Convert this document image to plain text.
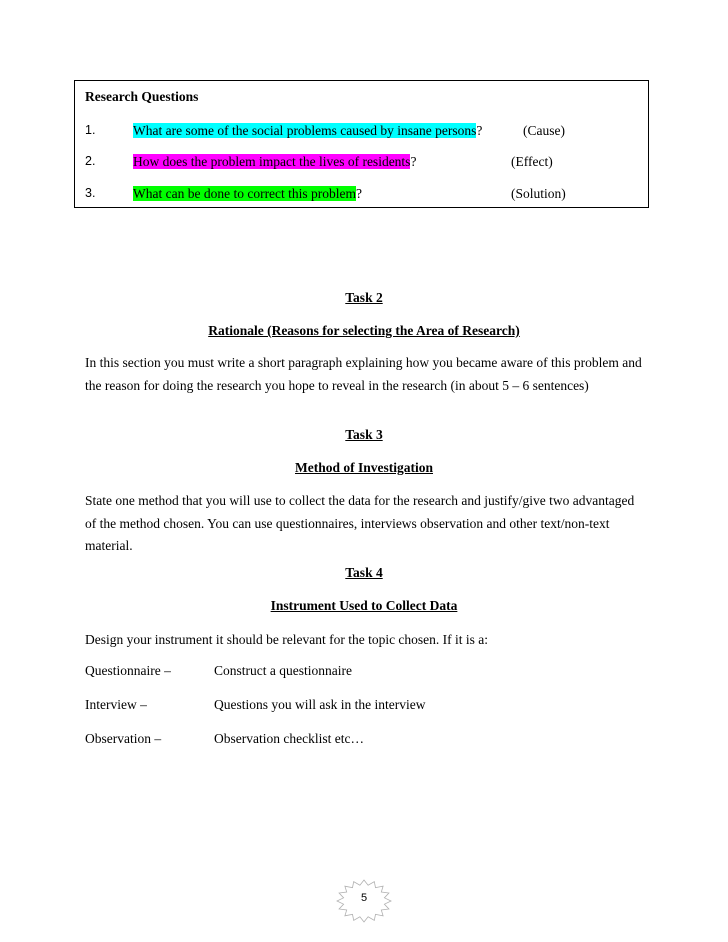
Research Questions
1.	What are some of the social problems caused by insane persons?	(Cause)
2.	How does the problem impact the lives of residents?	(Effect)
3.	What can be done to correct this problem?	(Solution)
Task 2
Rationale (Reasons for selecting the Area of Research)
In this section you must write a short paragraph explaining how you became aware of this problem and the reason for doing the research you hope to reveal in the research (in about 5 – 6 sentences)
Task 3
Method of Investigation
State one method that you will use to collect the data for the research and justify/give two advantaged of the method chosen. You can use questionnaires, interviews observation and other text/non-text material.
Task 4
Instrument Used to Collect Data
Design your instrument it should be relevant for the topic chosen. If it is a:
Questionnaire –	Construct a questionnaire
Interview –	Questions you will ask in the interview
Observation –	Observation checklist etc…
5
